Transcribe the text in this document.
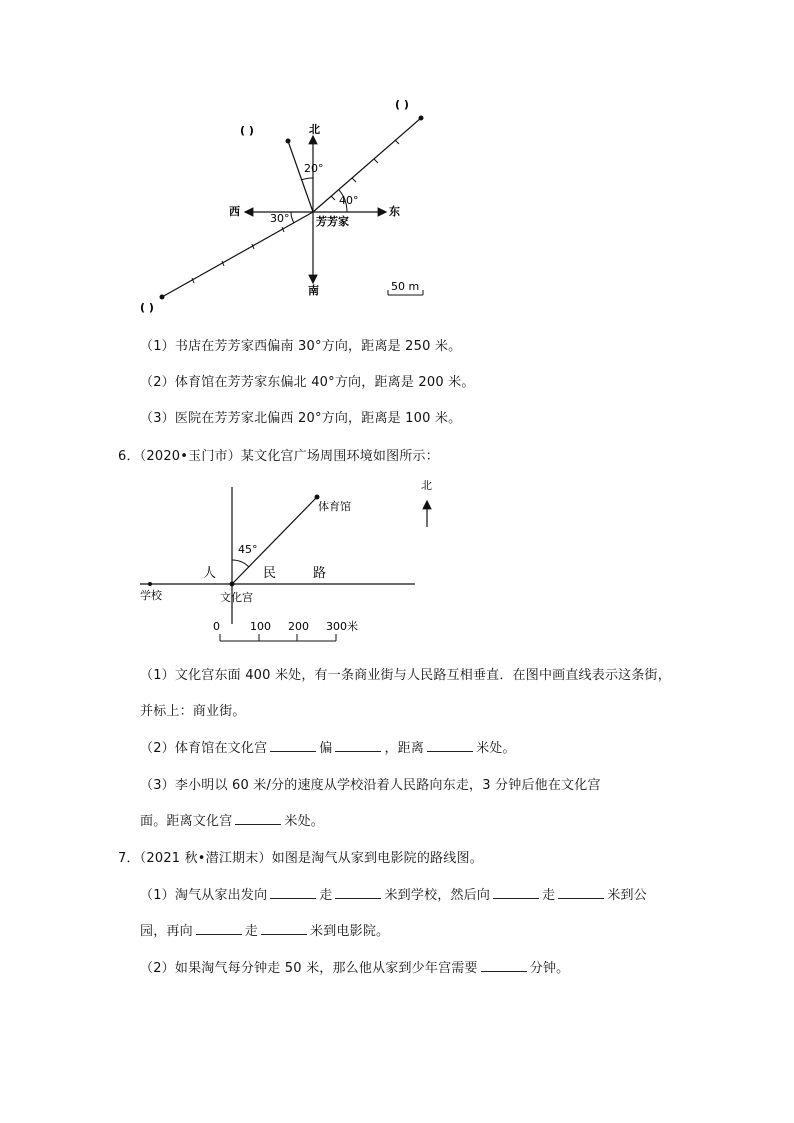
( )
( )
( )
北
南
东
西
20°
40°
30° 芳芳家
50 m
（1）书店在芳芳家西偏南 30°方向，距离是 250 米。
（2）体育馆在芳芳家东偏北 40°方向，距离是 200 米。
（3）医院在芳芳家北偏西 20°方向，距离是 100 米。
6．（2020•玉门市）某文化宫广场周围环境如图所示：
北
体育馆
45°
人	民	路
学校	文化宫
0	100 200 300米
（1）文化宫东面 400 米处，有一条商业街与人民路互相垂直．在图中画直线表示这条街，
并标上：商业街。
（2）体育馆在文化宫	偏	，距离	米处。
（3）李小明以 60 米/分的速度从学校沿着人民路向东走，3 分钟后他在文化宫
面。距离文化宫	米处。
7．（2021 秋•潜江期末）如图是淘气从家到电影院的路线图。
（1）淘气从家出发向	走	米到学校，然后向	走	米到公
园，再向	走	米到电影院。
（2）如果淘气每分钟走 50 米，那么他从家到少年宫需要	分钟。
